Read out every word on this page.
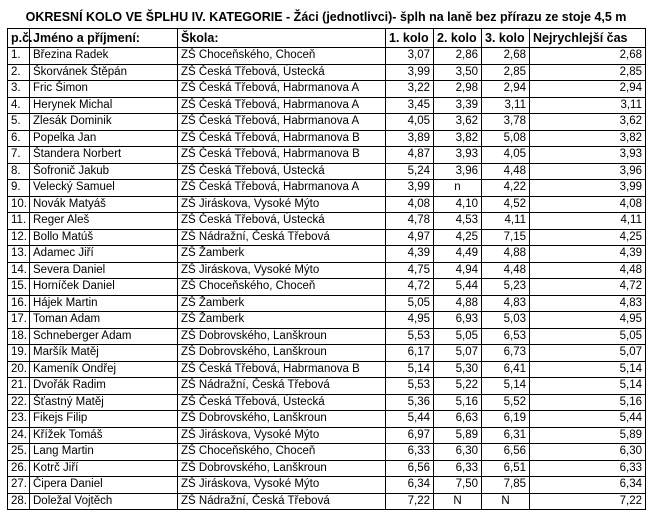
OKRESNÍ KOLO VE ŠPLHU IV. KATEGORIE - Žáci (jednotlivci)- šplh na laně bez přírazu ze stoje 4,5 m
p.č.	Jméno a příjmení:	Škola:	1. kolo	2. kolo	3. kolo	Nejrychlejší čas
1.	Březina Radek	ZŠ Choceňského, Choceň	3,07	2,86	2,68	2,68
2.	Škorvánek Štěpán	ZŠ Česká Třebová, Ústecká	3,99	3,50	2,85	2,85
3.	Fric Šimon	ZŠ Česká Třebová, Habrmanova A	3,22	2,98	2,94	2,94
4.	Herynek Michal	ZŠ Česká Třebová, Habrmanova A	3,45	3,39	3,11	3,11
5.	Zlesák Dominik	ZŠ Česká Třebová, Habrmanova A	4,05	3,62	3,78	3,62
6.	Popelka Jan	ZŠ Česká Třebová, Habrmanova B	3,89	3,82	5,08	3,82
7.	Štandera Norbert	ZŠ Česká Třebová, Habrmanova B	4,87	3,93	4,05	3,93
8.	Šofronič Jakub	ZŠ Česká Třebová, Ústecká	5,24	3,96	4,48	3,96
9.	Velecký Samuel	ZŠ Česká Třebová, Habrmanova A	3,99	n	4,22	3,99
10.	Novák Matyáš	ZŠ Jiráskova, Vysoké Mýto	4,08	4,10	4,52	4,08
11.	Reger Aleš	ZŠ Česká Třebová, Ústecká	4,78	4,53	4,11	4,11
12.	Bollo Matúš	ZŠ Nádražní, Česká Třebová	4,97	4,25	7,15	4,25
13.	Adamec Jiří	ZŠ Žamberk	4,39	4,49	4,88	4,39
14.	Severa Daniel	ZŠ Jiráskova, Vysoké Mýto	4,75	4,94	4,48	4,48
15.	Horníček Daniel	ZŠ Choceňského, Choceň	4,72	5,44	5,23	4,72
16.	Hájek Martin	ZŠ Žamberk	5,05	4,88	4,83	4,83
17.	Toman Adam	ZŠ Žamberk	4,95	6,93	5,03	4,95
18.	Schneberger Adam	ZŠ Dobrovského, Lanškroun	5,53	5,05	6,53	5,05
19.	Maršík Matěj	ZŠ Dobrovského, Lanškroun	6,17	5,07	6,73	5,07
20.	Kameník Ondřej	ZŠ Česká Třebová, Habrmanova B	5,14	5,30	6,41	5,14
21.	Dvořák Radim	ZŠ Nádražní, Česká Třebová	5,53	5,22	5,14	5,14
22.	Šťastný Matěj	ZŠ Česká Třebová, Ústecká	5,36	5,16	5,52	5,16
23.	Fikejs Filip	ZŠ Dobrovského, Lanškroun	5,44	6,63	6,19	5,44
24.	Křížek Tomáš	ZŠ Jiráskova, Vysoké Mýto	6,97	5,89	6,31	5,89
25.	Lang Martin	ZŠ Choceňského, Choceň	6,33	6,30	6,56	6,30
26.	Kotrč Jiří	ZŠ Dobrovského, Lanškroun	6,56	6,33	6,51	6,33
27.	Čipera Daniel	ZŠ Jiráskova, Vysoké Mýto	6,34	7,50	7,85	6,34
28.	Doležal Vojtěch	ZŠ Nádražní, Česká Třebová	7,22	N	N	7,22
